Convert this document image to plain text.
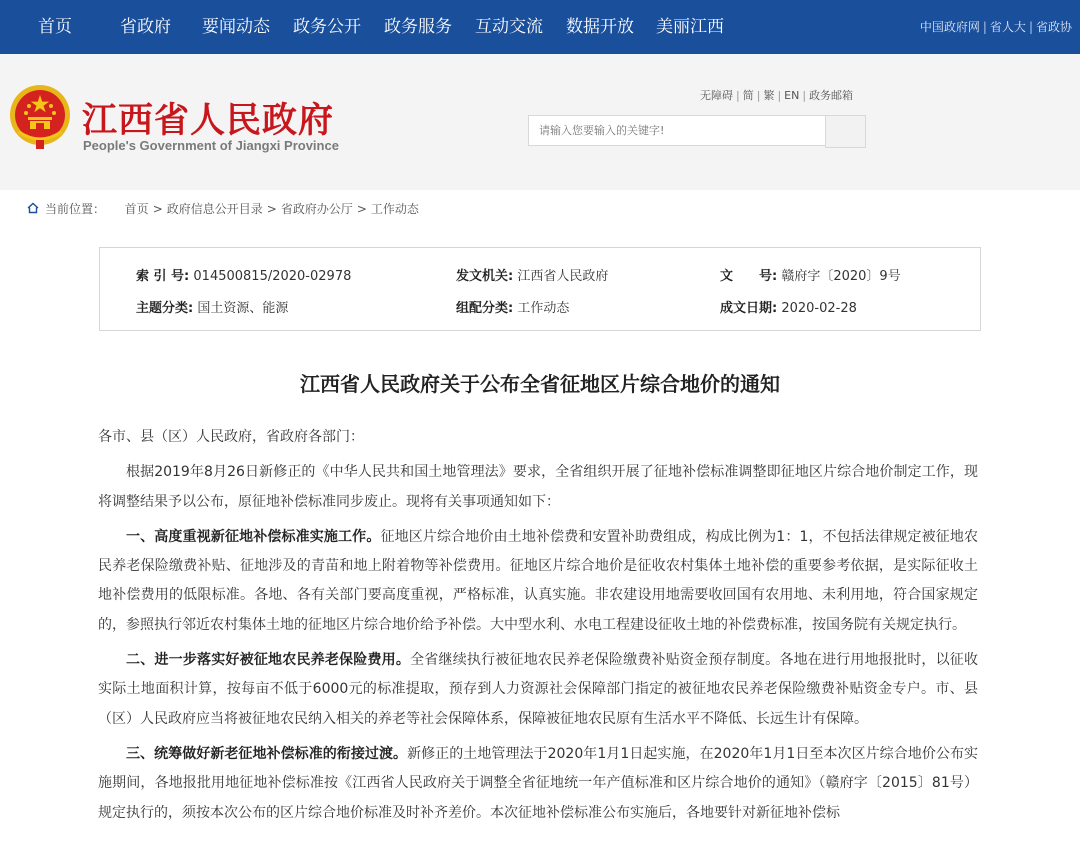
首页	省政府 要闻动态 政务公开 政务服务 互动交流 数据开放 美丽江西	中国政府网 | 省人大 | 省政协
江西省人民政府
People's Government of Jiangxi Province
无障碍 | 简 | 繁 | EN | 政务邮箱
请输入您要输入的关键字!
当前位置： 首页 > 政府信息公开目录 > 省政府办公厅 > 工作动态
索 引 号: 014500815/2020-02978	发文机关: 江西省人民政府	文　　号: 赣府字〔2020〕9号
主题分类: 国土资源、能源	组配分类: 工作动态	成文日期: 2020-02-28
江西省人民政府关于公布全省征地区片综合地价的通知

各市、县（区）人民政府，省政府各部门：

根据2019年8月26日新修正的《中华人民共和国土地管理法》要求，全省组织开展了征地补偿标准调整即征地区片综合地价制定工作，现将调整结果予以公布，原征地补偿标准同步废止。现将有关事项通知如下：

一、高度重视新征地补偿标准实施工作。征地区片综合地价由土地补偿费和安置补助费组成，构成比例为1：1，不包括法律规定被征地农民养老保险缴费补贴、征地涉及的青苗和地上附着物等补偿费用。征地区片综合地价是征收农村集体土地补偿的重要参考依据，是实际征收土地补偿费用的低限标准。各地、各有关部门要高度重视，严格标准，认真实施。非农建设用地需要收回国有农用地、未利用地，符合国家规定的，参照执行邻近农村集体土地的征地区片综合地价给予补偿。大中型水利、水电工程建设征收土地的补偿费标准，按国务院有关规定执行。

二、进一步落实好被征地农民养老保险费用。全省继续执行被征地农民养老保险缴费补贴资金预存制度。各地在进行用地报批时，以征收实际土地面积计算，按每亩不低于6000元的标准提取，预存到人力资源社会保障部门指定的被征地农民养老保险缴费补贴资金专户。市、县（区）人民政府应当将被征地农民纳入相关的养老等社会保障体系，保障被征地农民原有生活水平不降低、长远生计有保障。

三、统筹做好新老征地补偿标准的衔接过渡。新修正的土地管理法于2020年1月1日起实施，在2020年1月1日至本次区片综合地价公布实施期间，各地报批用地征地补偿标准按《江西省人民政府关于调整全省征地统一年产值标准和区片综合地价的通知》（赣府字〔2015〕81号）规定执行的，须按本次公布的区片综合地价标准及时补齐差价。本次征地补偿标准公布实施后，各地要针对新征地补偿标
